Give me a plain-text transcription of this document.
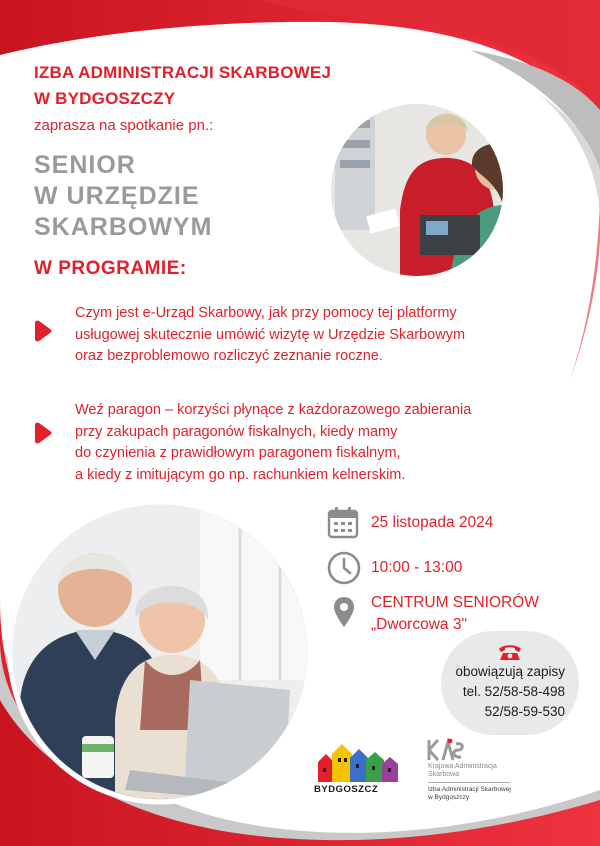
IZBA ADMINISTRACJI SKARBOWEJ
W BYDGOSZCZY
zaprasza na spotkanie pn.:
SENIOR
W URZĘDZIE
SKARBOWYM
W PROGRAMIE:
Czym jest e-Urząd Skarbowy, jak przy pomocy tej platformy
usługowej skutecznie umówić wizytę w Urzędzie Skarbowym
oraz bezproblemowo rozliczyć zeznanie roczne.
Weź paragon – korzyści płynące z każdorazowego zabierania
przy zakupach paragonów fiskalnych, kiedy mamy
do czynienia z prawidłowym paragonem fiskalnym,
a kiedy z imitującym go np. rachunkiem kelnerskim.
25 listopada 2024
10:00 - 13:00
CENTRUM SENIORÓW
„Dworcowa 3"
obowiązują zapisy
tel. 52/58-58-498
52/58-59-530
BYDGOSZCZ
Krajowa Administracja
Skarbowa
Izba Administracji Skarbowej
w Bydgoszczy
